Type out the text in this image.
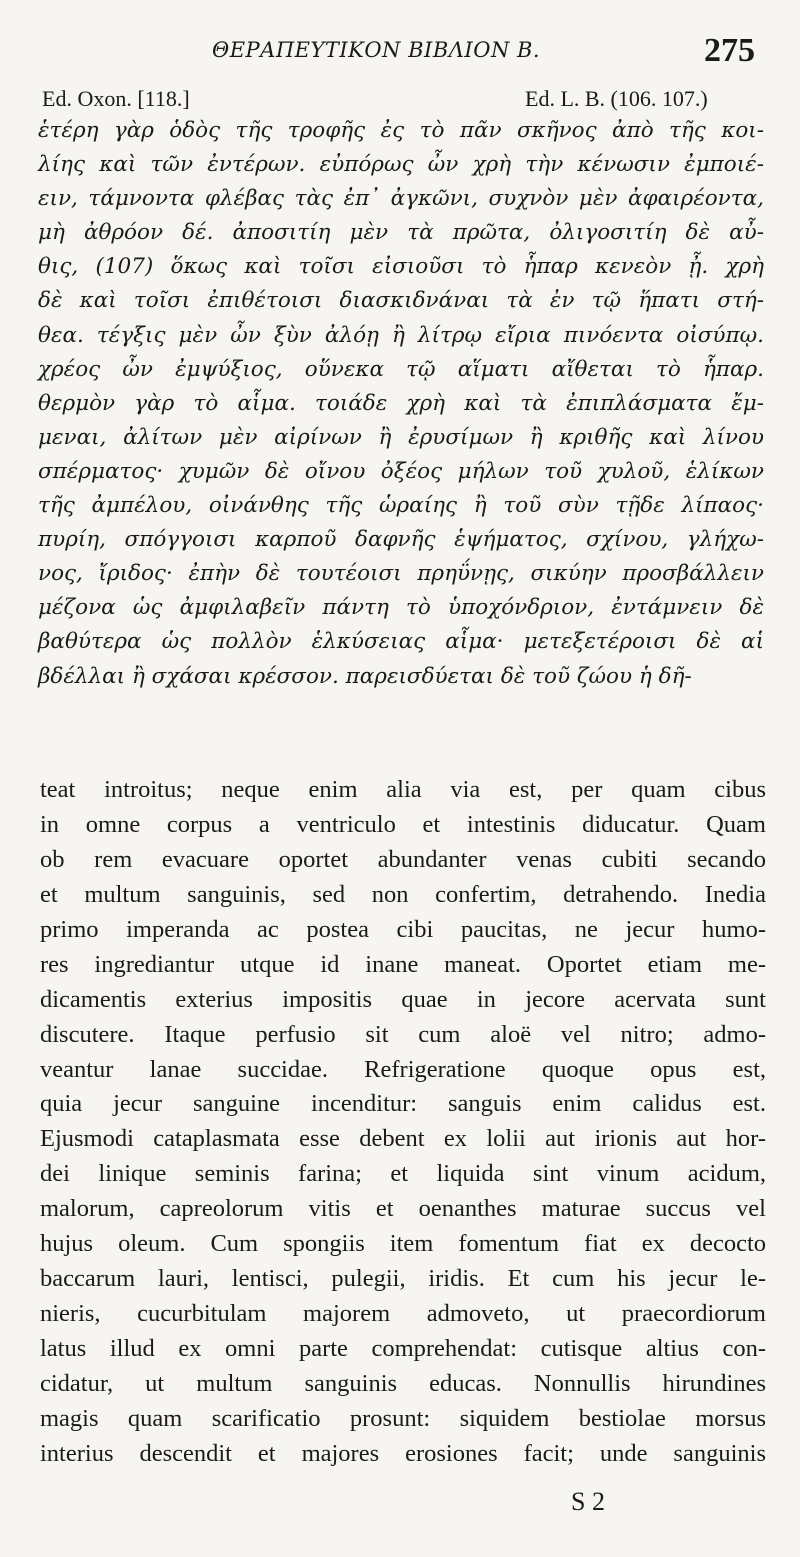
ΘΕΡΑΠΕΥΤΙΚΟΝ ΒΙΒΛΙΟΝ Β.	275
Ed. Oxon. [118.]	Ed. L. B. (106. 107.)
ἑτέρη γὰρ ὁδὸς τῆς τροφῆς ἐς τὸ πᾶν σκῆνος ἀπὸ τῆς κοι-
λίης καὶ τῶν ἐντέρων. εὐπόρως ὦν χρὴ τὴν κένωσιν ἐμποιέ-
ειν, τάμνοντα φλέβας τὰς ἐπ᾽ ἀγκῶνι, συχνὸν μὲν ἀφαιρέοντα,
μὴ ἀθρόον δέ. ἀποσιτίη μὲν τὰ πρῶτα, ὀλιγοσιτίη δὲ αὖ-
θις, (107) ὅκως καὶ τοῖσι εἰσιοῦσι τὸ ἧπαρ κενεὸν ᾖ. χρὴ
δὲ καὶ τοῖσι ἐπιθέτοισι διασκιδνάναι τὰ ἐν τῷ ἥπατι στή-
θεα. τέγξις μὲν ὦν ξὺν ἀλόῃ ἢ λίτρῳ εἴρια πινόεντα οἰσύπῳ.
χρέος ὦν ἐμψύξιος, οὕνεκα τῷ αἵματι αἴθεται τὸ ἧπαρ.
θερμὸν γὰρ τὸ αἷμα. τοιάδε χρὴ καὶ τὰ ἐπιπλάσματα ἔμ-
μεναι, ἀλίτων μὲν αἰρίνων ἢ ἐρυσίμων ἢ κριθῆς καὶ λίνου
σπέρματος· χυμῶν δὲ οἴνου ὀξέος μήλων τοῦ χυλοῦ, ἑλίκων
τῆς ἀμπέλου, οἰνάνθης τῆς ὡραίης ἢ τοῦ σὺν τῇδε λίπαος·
πυρίη, σπόγγοισι καρποῦ δαφνῆς ἑψήματος, σχίνου, γλήχω-
νος, ἴριδος· ἐπὴν δὲ τουτέοισι πρηΰνῃς, σικύην προσβάλλειν
μέζονα ὡς ἀμφιλαβεῖν πάντη τὸ ὑποχόνδριον, ἐντάμνειν δὲ
βαθύτερα ὡς πολλὸν ἑλκύσειας αἷμα· μετεξετέροισι δὲ αἱ
βδέλλαι ἢ σχάσαι κρέσσον. παρεισδύεται δὲ τοῦ ζώου ἡ δῆ-
teat introitus; neque enim alia via est, per quam cibus
in omne corpus a ventriculo et intestinis diducatur. Quam
ob rem evacuare oportet abundanter venas cubiti secando
et multum sanguinis, sed non confertim, detrahendo. Inedia
primo imperanda ac postea cibi paucitas, ne jecur humo-
res ingrediantur utque id inane maneat. Oportet etiam me-
dicamentis exterius impositis quae in jecore acervata sunt
discutere. Itaque perfusio sit cum aloë vel nitro; admo-
veantur lanae succidae. Refrigeratione quoque opus est,
quia jecur sanguine incenditur: sanguis enim calidus est.
Ejusmodi cataplasmata esse debent ex lolii aut irionis aut hor-
dei linique seminis farina; et liquida sint vinum acidum,
malorum, capreolorum vitis et oenanthes maturae succus vel
hujus oleum. Cum spongiis item fomentum fiat ex decocto
baccarum lauri, lentisci, pulegii, iridis. Et cum his jecur le-
nieris, cucurbitulam majorem admoveto, ut praecordiorum
latus illud ex omni parte comprehendat: cutisque altius con-
cidatur, ut multum sanguinis educas. Nonnullis hirundines
magis quam scarificatio prosunt: siquidem bestiolae morsus
interius descendit et majores erosiones facit; unde sanguinis
S 2
